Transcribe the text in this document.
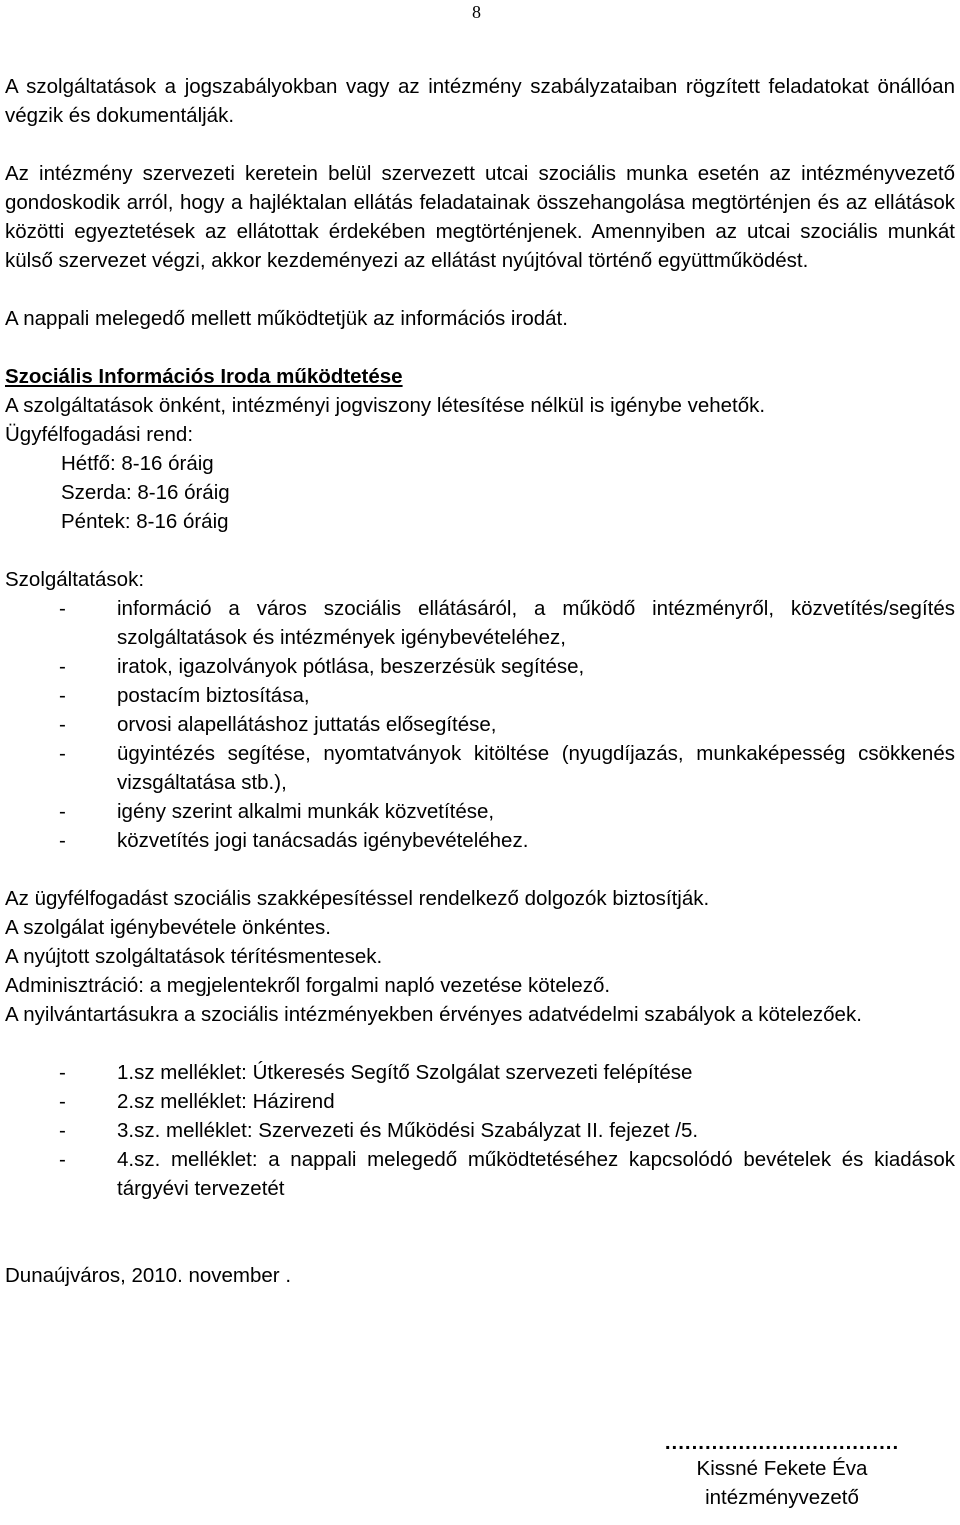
8

A szolgáltatások a jogszabályokban vagy az intézmény szabályzataiban rögzített feladatokat önállóan végzik és dokumentálják.

Az intézmény szervezeti keretein belül szervezett utcai szociális munka esetén az intézményvezető gondoskodik arról, hogy a hajléktalan ellátás feladatainak összehangolása megtörténjen és az ellátások közötti egyeztetések az ellátottak érdekében megtörténjenek. Amennyiben az utcai szociális munkát külső szervezet végzi, akkor kezdeményezi az ellátást nyújtóval történő együttműködést.

A nappali melegedő mellett működtetjük az információs irodát.

Szociális Információs Iroda működtetése

A szolgáltatások önként, intézményi jogviszony létesítése nélkül is igénybe vehetők.

Ügyfélfogadási rend:

Hétfő: 8-16 óráig

Szerda: 8-16 óráig

Péntek: 8-16 óráig

Szolgáltatások:

- információ a város szociális ellátásáról, a működő intézményről, közvetítés/segítés szolgáltatások és intézmények igénybevételéhez,
- iratok, igazolványok pótlása, beszerzésük segítése,
- postacím biztosítása,
- orvosi alapellátáshoz juttatás elősegítése,
- ügyintézés segítése, nyomtatványok kitöltése (nyugdíjazás, munkaképesség csökkenés vizsgáltatása stb.),
- igény szerint alkalmi munkák közvetítése,
- közvetítés jogi tanácsadás igénybevételéhez.

Az ügyfélfogadást szociális szakképesítéssel rendelkező dolgozók biztosítják.

A szolgálat igénybevétele önkéntes.

A nyújtott szolgáltatások térítésmentesek.

Adminisztráció: a megjelentekről forgalmi napló vezetése kötelező.

A nyilvántartásukra a szociális intézményekben érvényes adatvédelmi szabályok a kötelezőek.

- 1.sz melléklet: Útkeresés Segítő Szolgálat szervezeti felépítése
- 2.sz melléklet: Házirend
- 3.sz. melléklet: Szervezeti és Működési Szabályzat II. fejezet /5.
- 4.sz. melléklet: a nappali melegedő működtetéséhez kapcsolódó bevételek és kiadások tárgyévi tervezetét

Dunaújváros, 2010. november .

...................................
Kissné Fekete Éva
intézményvezető
